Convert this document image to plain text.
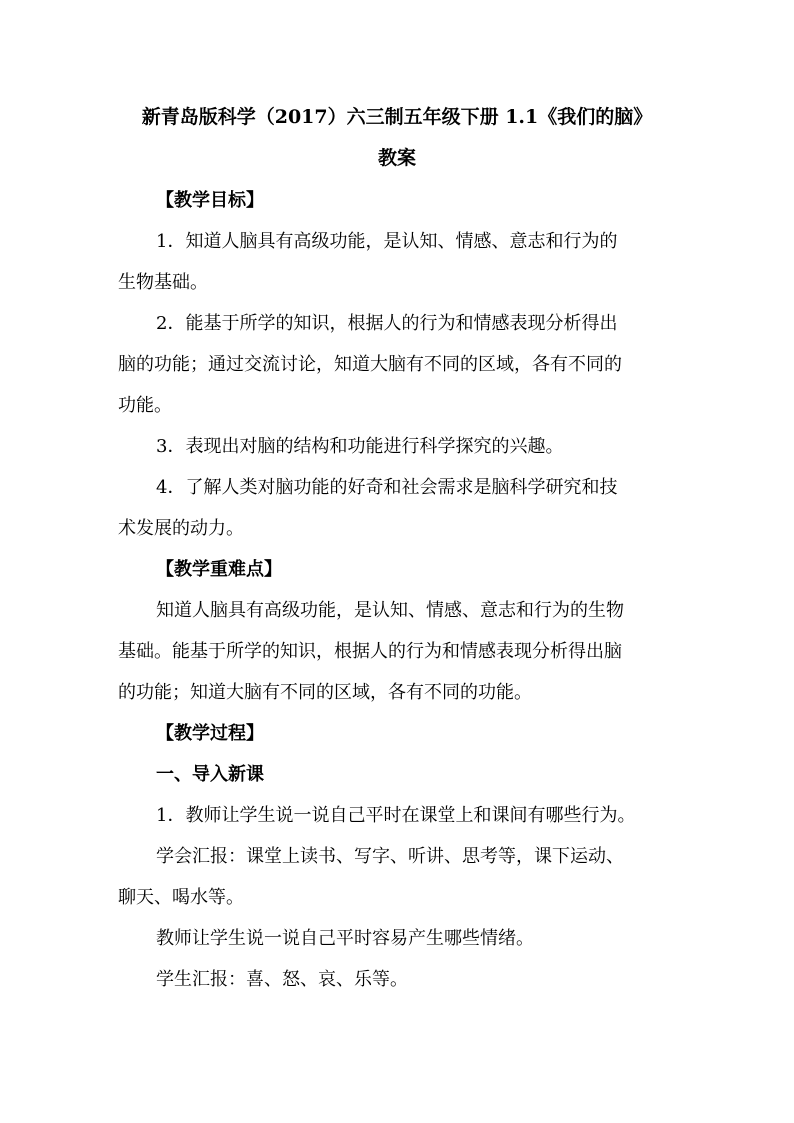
新青岛版科学（2017）六三制五年级下册 1.1《我们的脑》
教案
【教学目标】
1．知道人脑具有高级功能，是认知、情感、意志和行为的
生物基础。
2．能基于所学的知识，根据人的行为和情感表现分析得出
脑的功能；通过交流讨论，知道大脑有不同的区域，各有不同的
功能。
3．表现出对脑的结构和功能进行科学探究的兴趣。
4．了解人类对脑功能的好奇和社会需求是脑科学研究和技
术发展的动力。
【教学重难点】
知道人脑具有高级功能，是认知、情感、意志和行为的生物
基础。能基于所学的知识，根据人的行为和情感表现分析得出脑
的功能；知道大脑有不同的区域，各有不同的功能。
【教学过程】
一、导入新课
1．教师让学生说一说自己平时在课堂上和课间有哪些行为。
学会汇报：课堂上读书、写字、听讲、思考等，课下运动、
聊天、喝水等。
教师让学生说一说自己平时容易产生哪些情绪。
学生汇报：喜、怒、哀、乐等。
